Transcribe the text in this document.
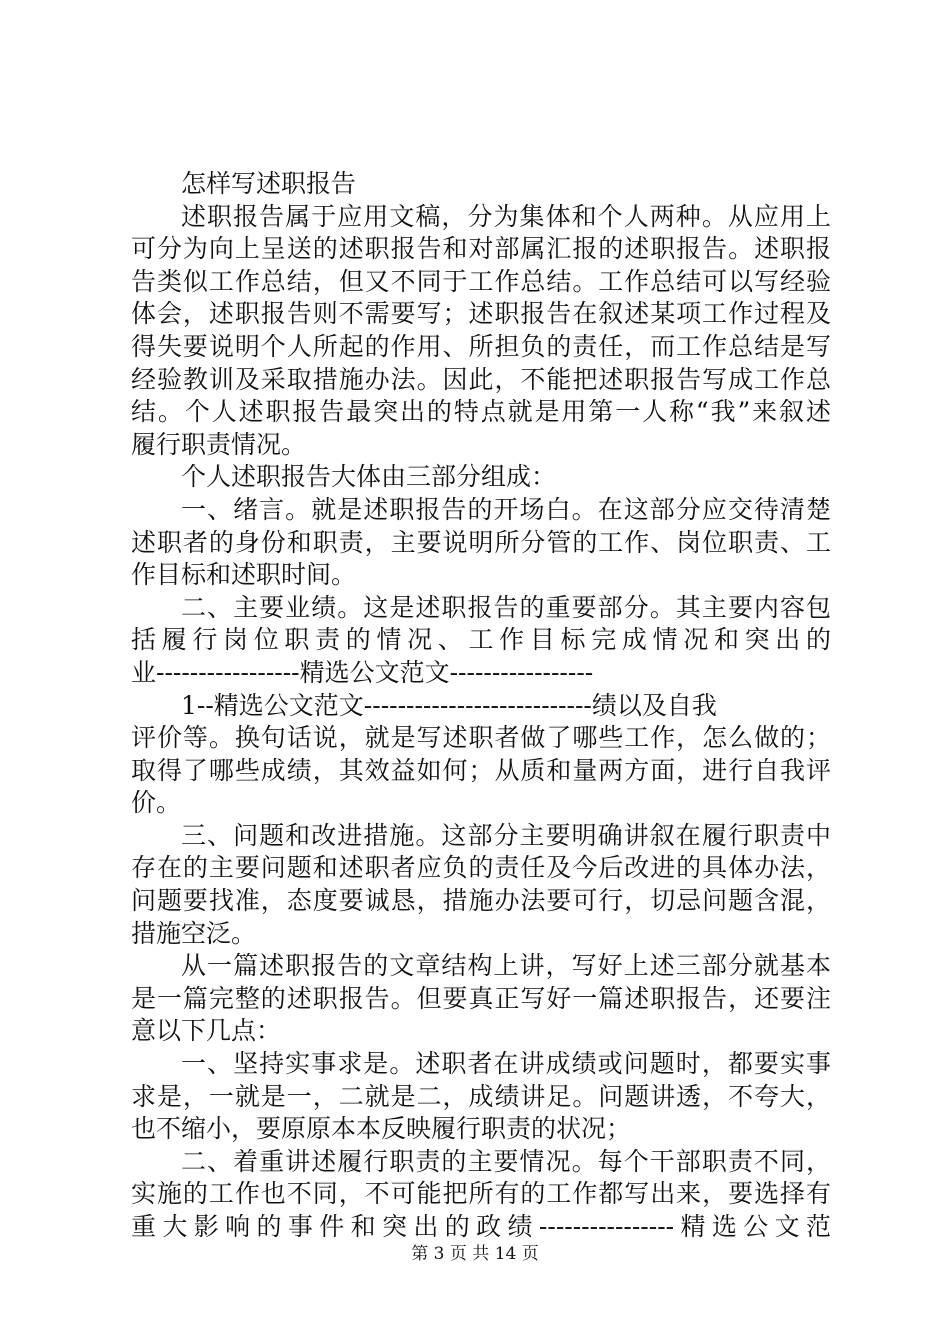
怎样写述职报告
述职报告属于应用文稿，分为集体和个人两种。从应用上
可分为向上呈送的述职报告和对部属汇报的述职报告。述职报
告类似工作总结，但又不同于工作总结。工作总结可以写经验
体会，述职报告则不需要写；述职报告在叙述某项工作过程及
得失要说明个人所起的作用、所担负的责任，而工作总结是写
经验教训及采取措施办法。因此，不能把述职报告写成工作总
结。个人述职报告最突出的特点就是用第一人称“我”来叙述
履行职责情况。
个人述职报告大体由三部分组成：
一、绪言。就是述职报告的开场白。在这部分应交待清楚
述职者的身份和职责，主要说明所分管的工作、岗位职责、工
作目标和述职时间。
二、主要业绩。这是述职报告的重要部分。其主要内容包
括履行岗位职责的情况、工作目标完成情况和突出的
业-----------------精选公文范文-----------------
1--精选公文范文---------------------------绩以及自我
评价等。换句话说，就是写述职者做了哪些工作，怎么做的；
取得了哪些成绩，其效益如何；从质和量两方面，进行自我评
价。
三、问题和改进措施。这部分主要明确讲叙在履行职责中
存在的主要问题和述职者应负的责任及今后改进的具体办法，
问题要找准，态度要诚恳，措施办法要可行，切忌问题含混，
措施空泛。
从一篇述职报告的文章结构上讲，写好上述三部分就基本
是一篇完整的述职报告。但要真正写好一篇述职报告，还要注
意以下几点：
一、坚持实事求是。述职者在讲成绩或问题时，都要实事
求是，一就是一，二就是二，成绩讲足。问题讲透，不夸大，
也不缩小，要原原本本反映履行职责的状况；
二、着重讲述履行职责的主要情况。每个干部职责不同，
实施的工作也不同，不可能把所有的工作都写出来，要选择有
重大影响的事件和突出的政绩----------------精选公文范
第 3 页 共 14 页
